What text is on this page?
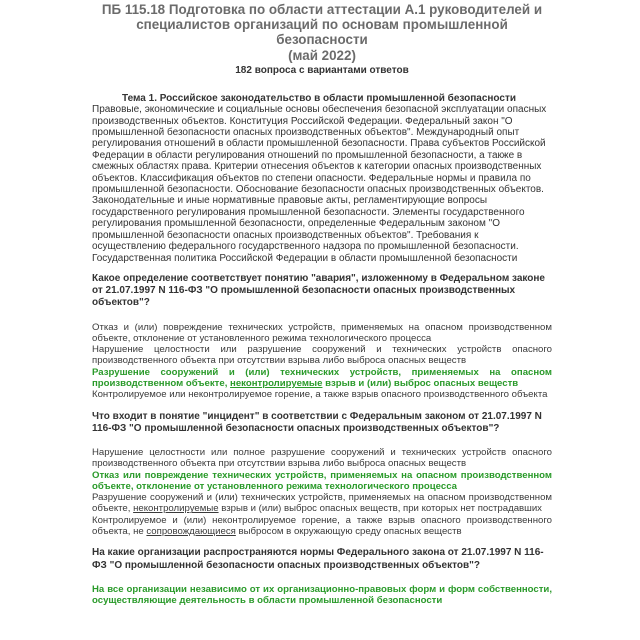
ПБ 115.18 Подготовка по области аттестации А.1 руководителей и
специалистов организаций по основам промышленной безопасности
(май 2022)
182 вопроса с вариантами ответов
Тема 1. Российское законодательство в области промышленной безопасности
Правовые, экономические и социальные основы обеспечения безопасной эксплуатации опасных производственных объектов. Конституция Российской Федерации. Федеральный закон "О промышленной безопасности опасных производственных объектов". Международный опыт регулирования отношений в области промышленной безопасности. Права субъектов Российской Федерации в области регулирования отношений по промышленной безопасности, а также в смежных областях права. Критерии отнесения объектов к категории опасных производственных объектов. Классификация объектов по степени опасности. Федеральные нормы и правила по промышленной безопасности. Обоснование безопасности опасных производственных объектов. Законодательные и иные нормативные правовые акты, регламентирующие вопросы государственного регулирования промышленной безопасности. Элементы государственного регулирования промышленной безопасности, определенные Федеральным законом "О промышленной безопасности опасных производственных объектов". Требования к осуществлению федерального государственного надзора по промышленной безопасности. Государственная политика Российской Федерации в области промышленной безопасности
Какое определение соответствует понятию "авария", изложенному в Федеральном законе от 21.07.1997 N 116-ФЗ "О промышленной безопасности опасных производственных объектов"?
Отказ и (или) повреждение технических устройств, применяемых на опасном производственном объекте, отклонение от установленного режима технологического процесса
Нарушение целостности или разрушение сооружений и технических устройств опасного производственного объекта при отсутствии взрыва либо выброса опасных веществ
Разрушение сооружений и (или) технических устройств, применяемых на опасном производственном объекте, неконтролируемые взрыв и (или) выброс опасных веществ
Контролируемое или неконтролируемое горение, а также взрыв опасного производственного объекта
Что входит в понятие "инцидент" в соответствии с Федеральным законом от 21.07.1997 N 116-ФЗ "О промышленной безопасности опасных производственных объектов"?
Нарушение целостности или полное разрушение сооружений и технических устройств опасного производственного объекта при отсутствии взрыва либо выброса опасных веществ
Отказ или повреждение технических устройств, применяемых на опасном производственном объекте, отклонение от установленного режима технологического процесса
Разрушение сооружений и (или) технических устройств, применяемых на опасном производственном объекте, неконтролируемые взрыв и (или) выброс опасных веществ, при которых нет пострадавших
Контролируемое и (или) неконтролируемое горение, а также взрыв опасного производственного объекта, не сопровождающиеся выбросом в окружающую среду опасных веществ
На какие организации распространяются нормы Федерального закона от 21.07.1997 N 116-ФЗ "О промышленной безопасности опасных производственных объектов"?
На все организации независимо от их организационно-правовых форм и форм собственности, осуществляющие деятельность в области промышленной безопасности
